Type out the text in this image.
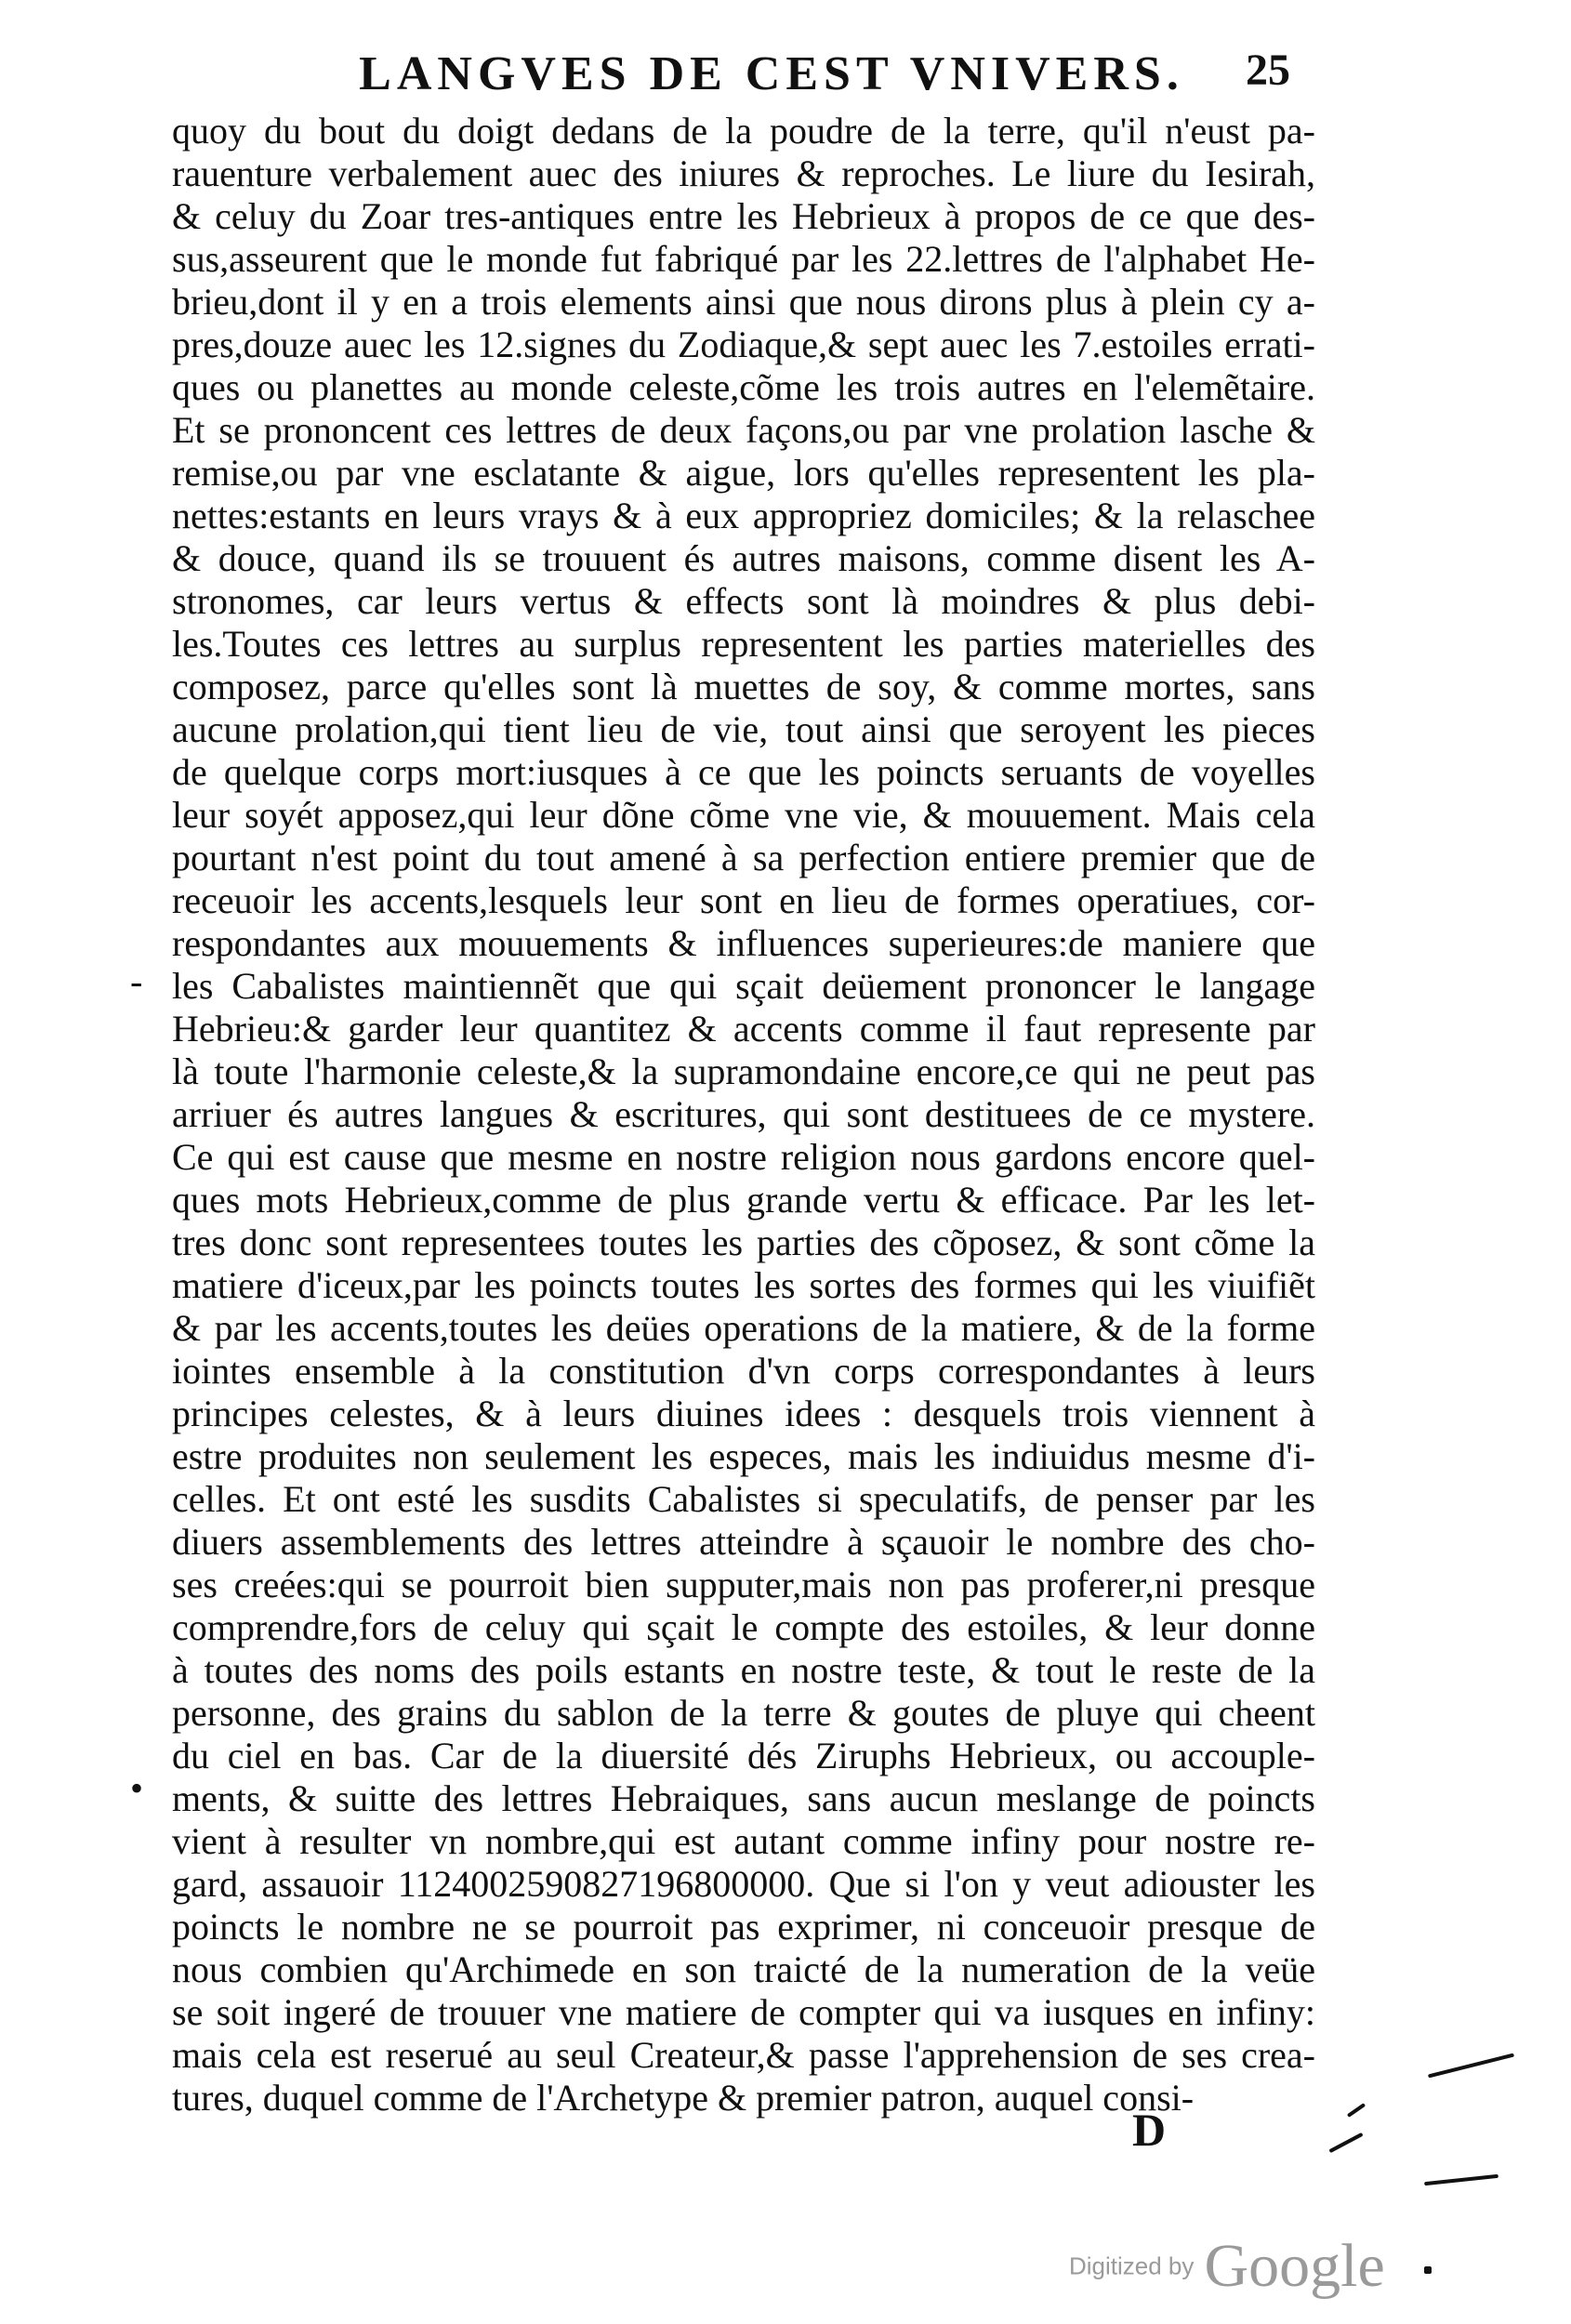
LANGVES DE CEST VNIVERS.	25
quoy du bout du doigt dedans de la poudre de la terre, qu'il n'eust pa-
rauenture verbalement auec des iniures & reproches. Le liure du Iesirah,
& celuy du Zoar tres-antiques entre les Hebrieux à propos de ce que des-
sus,asseurent que le monde fut fabriqué par les 22.lettres de l'alphabet He-
brieu,dont il y en a trois elements ainsi que nous dirons plus à plein cy a-
pres,douze auec les 12.signes du Zodiaque,& sept auec les 7.estoiles errati-
ques ou planettes au monde celeste,cõme les trois autres en l'elemẽtaire.
Et se prononcent ces lettres de deux façons,ou par vne prolation lasche &
remise,ou par vne esclatante & aigue, lors qu'elles representent les pla-
nettes:estants en leurs vrays & à eux appropriez domiciles; & la relaschee
& douce, quand ils se trouuent és autres maisons, comme disent les A-
stronomes, car leurs vertus & effects sont là moindres & plus debi-
les.Toutes ces lettres au surplus representent les parties materielles des
composez, parce qu'elles sont là muettes de soy, & comme mortes, sans
aucune prolation,qui tient lieu de vie, tout ainsi que seroyent les pieces
de quelque corps mort:iusques à ce que les poincts seruants de voyelles
leur soyét apposez,qui leur dõne cõme vne vie, & mouuement. Mais cela
pourtant n'est point du tout amené à sa perfection entiere premier que de
receuoir les accents,lesquels leur sont en lieu de formes operatiues, cor-
respondantes aux mouuements & influences superieures:de maniere que
les Cabalistes maintiennẽt que qui sçait deüement prononcer le langage
Hebrieu:& garder leur quantitez & accents comme il faut represente par
là toute l'harmonie celeste,& la supramondaine encore,ce qui ne peut pas
arriuer és autres langues & escritures, qui sont destituees de ce mystere.
Ce qui est cause que mesme en nostre religion nous gardons encore quel-
ques mots Hebrieux,comme de plus grande vertu & efficace. Par les let-
tres donc sont representees toutes les parties des cõposez, & sont cõme la
matiere d'iceux,par les poincts toutes les sortes des formes qui les viuifiẽt
& par les accents,toutes les deües operations de la matiere, & de la forme
iointes ensemble à la constitution d'vn corps correspondantes à leurs
principes celestes, & à leurs diuines idees : desquels trois viennent à
estre produites non seulement les especes, mais les indiuidus mesme d'i-
celles. Et ont esté les susdits Cabalistes si speculatifs, de penser par les
diuers assemblements des lettres atteindre à sçauoir le nombre des cho-
ses creées:qui se pourroit bien supputer,mais non pas proferer,ni presque
comprendre,fors de celuy qui sçait le compte des estoiles, & leur donne
à toutes des noms des poils estants en nostre teste, & tout le reste de la
personne, des grains du sablon de la terre & goutes de pluye qui cheent
du ciel en bas. Car de la diuersité dés Ziruphs Hebrieux, ou accouple-
ments, & suitte des lettres Hebraiques, sans aucun meslange de poincts
vient à resulter vn nombre,qui est autant comme infiny pour nostre re-
gard, assauoir 1124002590827196800000. Que si l'on y veut adiouster les
poincts le nombre ne se pourroit pas exprimer, ni conceuoir presque de
nous combien qu'Archimede en son traicté de la numeration de la veüe
se soit ingeré de trouuer vne matiere de compter qui va iusques en infiny:
mais cela est reserué au seul Createur,& passe l'apprehension de ses crea-
tures, duquel comme de l'Archetype & premier patron, auquel consi-
-
•
D
Digitized by Google
